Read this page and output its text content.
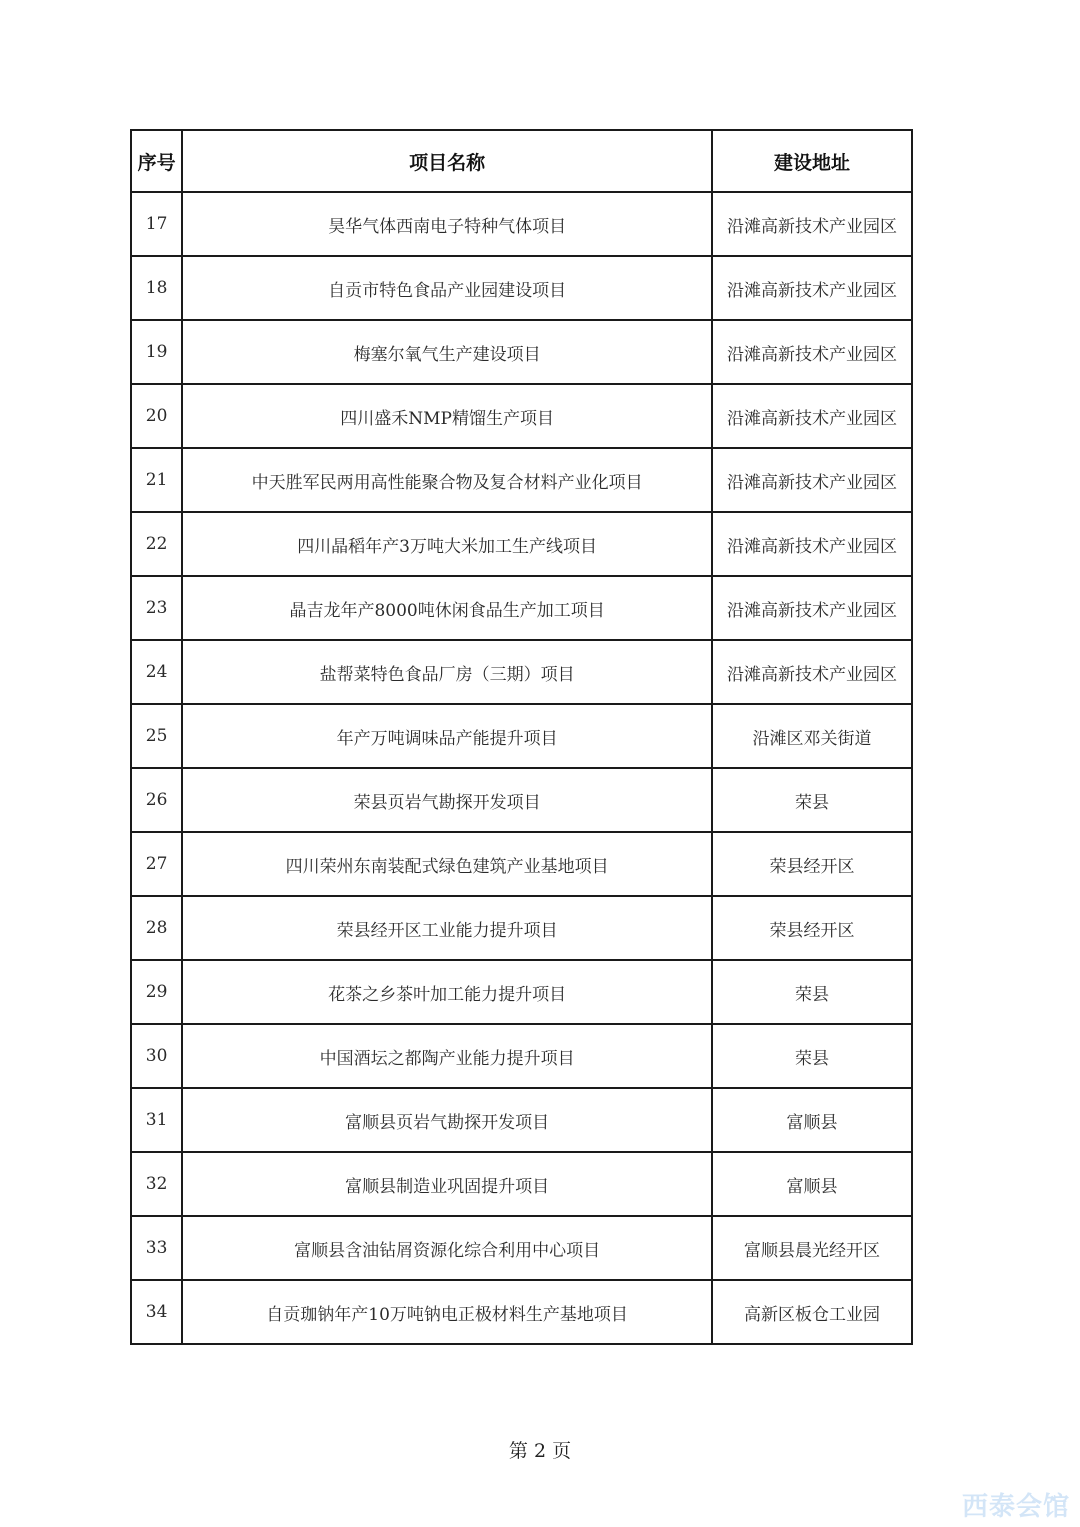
序号	项目名称	建设地址
17	昊华气体西南电子特种气体项目	沿滩高新技术产业园区
18	自贡市特色食品产业园建设项目	沿滩高新技术产业园区
19	梅塞尔氧气生产建设项目	沿滩高新技术产业园区
20	四川盛禾NMP精馏生产项目	沿滩高新技术产业园区
21	中天胜军民两用高性能聚合物及复合材料产业化项目	沿滩高新技术产业园区
22	四川晶稻年产3万吨大米加工生产线项目	沿滩高新技术产业园区
23	晶吉龙年产8000吨休闲食品生产加工项目	沿滩高新技术产业园区
24	盐帮菜特色食品厂房（三期）项目	沿滩高新技术产业园区
25	年产万吨调味品产能提升项目	沿滩区邓关街道
26	荣县页岩气勘探开发项目	荣县
27	四川荣州东南装配式绿色建筑产业基地项目	荣县经开区
28	荣县经开区工业能力提升项目	荣县经开区
29	花茶之乡茶叶加工能力提升项目	荣县
30	中国酒坛之都陶产业能力提升项目	荣县
31	富顺县页岩气勘探开发项目	富顺县
32	富顺县制造业巩固提升项目	富顺县
33	富顺县含油钻屑资源化综合利用中心项目	富顺县晨光经开区
34	自贡珈钠年产10万吨钠电正极材料生产基地项目	高新区板仓工业园
第 2 页
西泰会馆
